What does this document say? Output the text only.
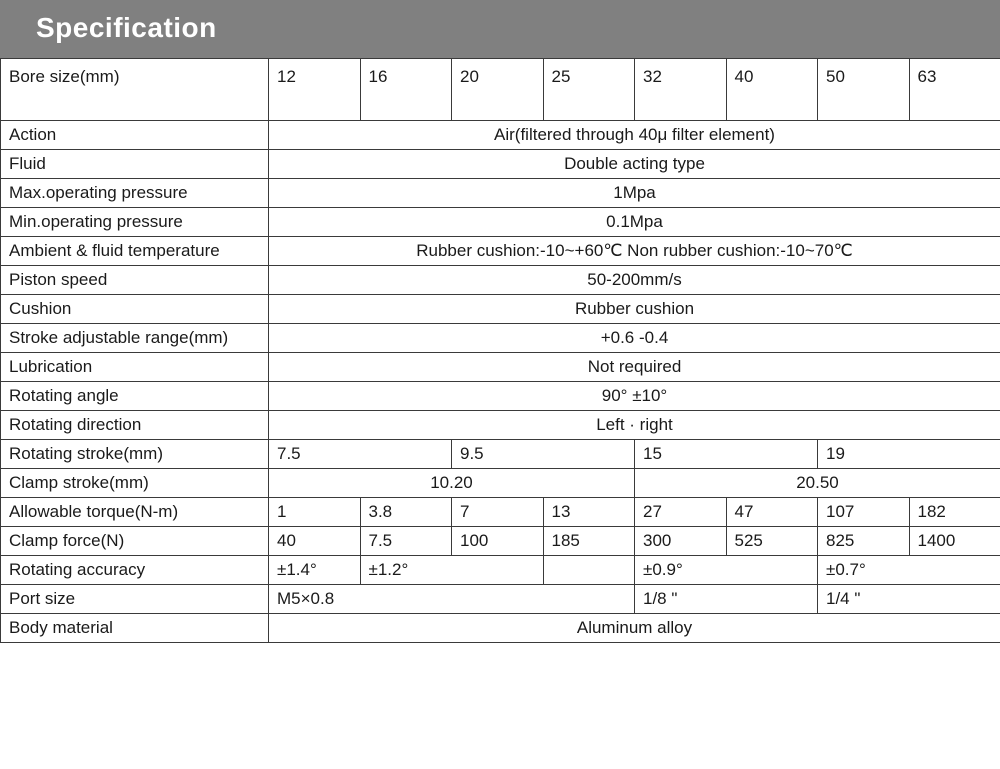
Specification
Bore size(mm)	12	16	20	25	32	40	50	63
Action	Air(filtered through 40μ filter element)							
Fluid	Double acting type							
Max.operating pressure	1Mpa							
Min.operating pressure	0.1Mpa							
Ambient & fluid temperature	Rubber cushion:-10~+60℃ Non rubber cushion:-10~70℃							
Piston speed	50-200mm/s							
Cushion	Rubber cushion							
Stroke adjustable range(mm)	+0.6 -0.4							
Lubrication	Not required							
Rotating angle	90° ±10°							
Rotating direction	Left · right							
Rotating stroke(mm)	7.5		9.5		15		19	
Clamp stroke(mm)	10.20				20.50			
Allowable torque(N-m)	1	3.8	7	13	27	47	107	182
Clamp force(N)	40	7.5	100	185	300	525	825	1400
Rotating accuracy	±1.4°	±1.2°			±0.9°		±0.7°	
Port size	M5×0.8				1/8 "		1/4 "	
Body material	Aluminum alloy							
